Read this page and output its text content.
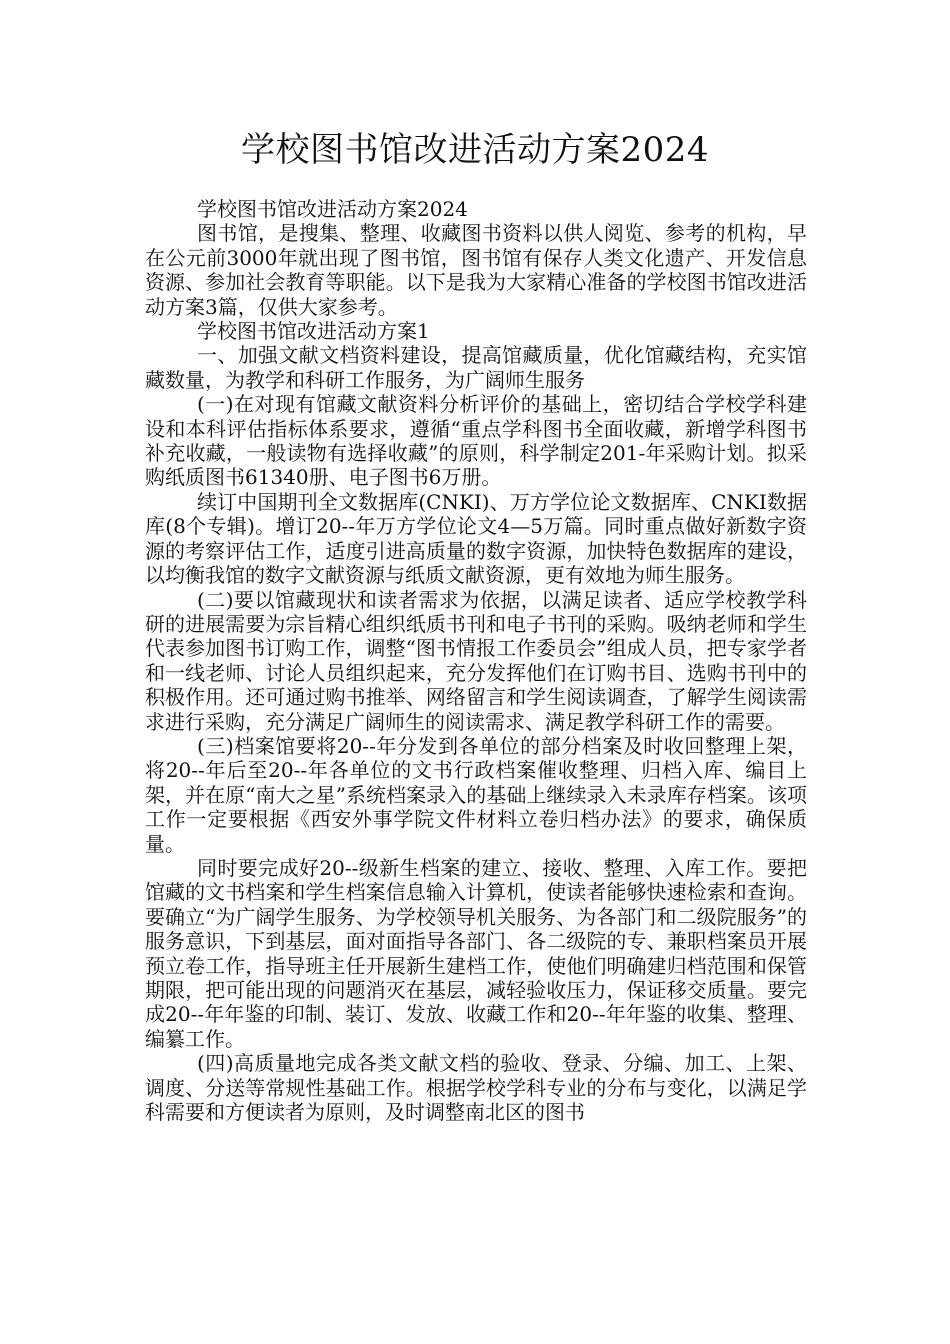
学校图书馆改进活动方案2024

学校图书馆改进活动方案2024

图书馆，是搜集、整理、收藏图书资料以供人阅览、参考的机构，早在公元前3000年就出现了图书馆，图书馆有保存人类文化遗产、开发信息资源、参加社会教育等职能。以下是我为大家精心准备的学校图书馆改进活动方案3篇，仅供大家参考。

学校图书馆改进活动方案1

一、加强文献文档资料建设，提高馆藏质量，优化馆藏结构，充实馆藏数量，为教学和科研工作服务，为广阔师生服务

(一)在对现有馆藏文献资料分析评价的基础上，密切结合学校学科建设和本科评估指标体系要求，遵循“重点学科图书全面收藏，新增学科图书补充收藏，一般读物有选择收藏”的原则，科学制定201-年采购计划。拟采购纸质图书61340册、电子图书6万册。

续订中国期刊全文数据库(CNKI)、万方学位论文数据库、CNKI数据库(8个专辑)。增订20--年万方学位论文4—5万篇。同时重点做好新数字资源的考察评估工作，适度引进高质量的数字资源，加快特色数据库的建设，以均衡我馆的数字文献资源与纸质文献资源，更有效地为师生服务。

(二)要以馆藏现状和读者需求为依据，以满足读者、适应学校教学科研的进展需要为宗旨精心组织纸质书刊和电子书刊的采购。吸纳老师和学生代表参加图书订购工作，调整“图书情报工作委员会”组成人员，把专家学者和一线老师、讨论人员组织起来，充分发挥他们在订购书目、选购书刊中的积极作用。还可通过购书推举、网络留言和学生阅读调查，了解学生阅读需求进行采购，充分满足广阔师生的阅读需求、满足教学科研工作的需要。

(三)档案馆要将20--年分发到各单位的部分档案及时收回整理上架，将20--年后至20--年各单位的文书行政档案催收整理、归档入库、编目上架，并在原“南大之星”系统档案录入的基础上继续录入未录库存档案。该项工作一定要根据《西安外事学院文件材料立卷归档办法》的要求，确保质量。

同时要完成好20--级新生档案的建立、接收、整理、入库工作。要把馆藏的文书档案和学生档案信息输入计算机，使读者能够快速检索和查询。要确立“为广阔学生服务、为学校领导机关服务、为各部门和二级院服务”的服务意识，下到基层，面对面指导各部门、各二级院的专、兼职档案员开展预立卷工作，指导班主任开展新生建档工作，使他们明确建归档范围和保管期限，把可能出现的问题消灭在基层，减轻验收压力，保证移交质量。要完成20--年年鉴的印制、装订、发放、收藏工作和20--年年鉴的收集、整理、编纂工作。

(四)高质量地完成各类文献文档的验收、登录、分编、加工、上架、调度、分送等常规性基础工作。根据学校学科专业的分布与变化，以满足学科需要和方便读者为原则，及时调整南北区的图书
